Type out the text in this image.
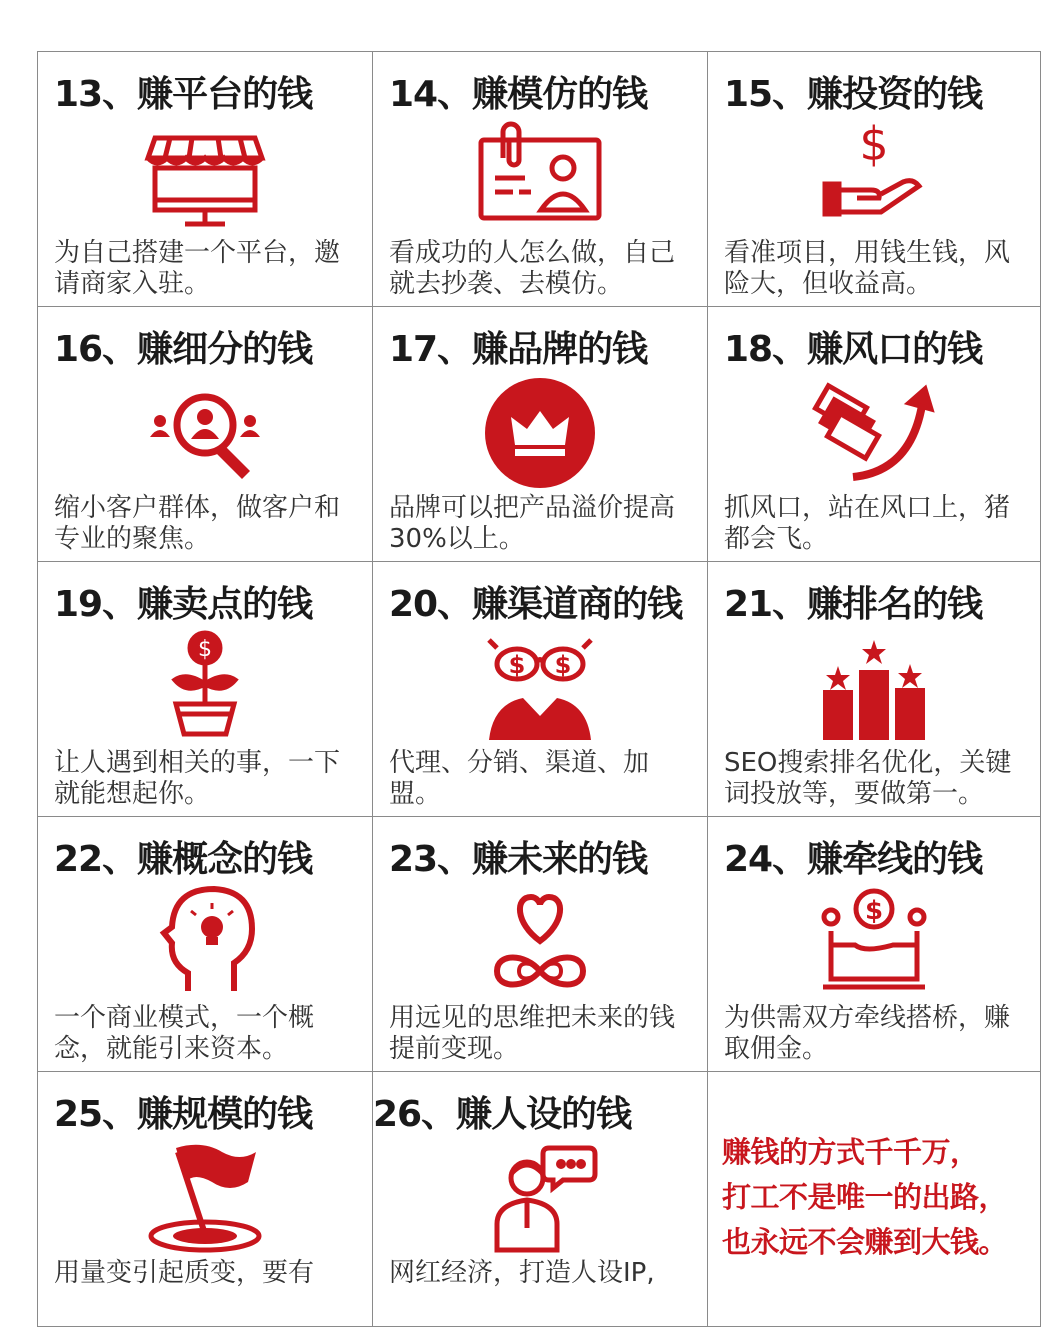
13、赚平台的钱
为自己搭建一个平台，邀请商家入驻。
14、赚模仿的钱
看成功的人怎么做，自己就去抄袭、去模仿。
15、赚投资的钱
$
看准项目，用钱生钱，风险大，但收益高。
16、赚细分的钱
缩小客户群体，做客户和专业的聚焦。
17、赚品牌的钱
品牌可以把产品溢价提高30%以上。
18、赚风口的钱
抓风口，站在风口上，猪都会飞。
19、赚卖点的钱
$
让人遇到相关的事，一下就能想起你。
20、赚渠道商的钱
$ $
代理、分销、渠道、加盟。
21、赚排名的钱
SEO搜索排名优化，关键词投放等，要做第一。
22、赚概念的钱
一个商业模式，一个概念，就能引来资本。
23、赚未来的钱
用远见的思维把未来的钱提前变现。
24、赚牵线的钱
$
为供需双方牵线搭桥，赚取佣金。
25、赚规模的钱
用量变引起质变，要有
26、赚人设的钱
网红经济，打造人设IP,
赚钱的方式千千万，
打工不是唯一的出路，
也永远不会赚到大钱。
